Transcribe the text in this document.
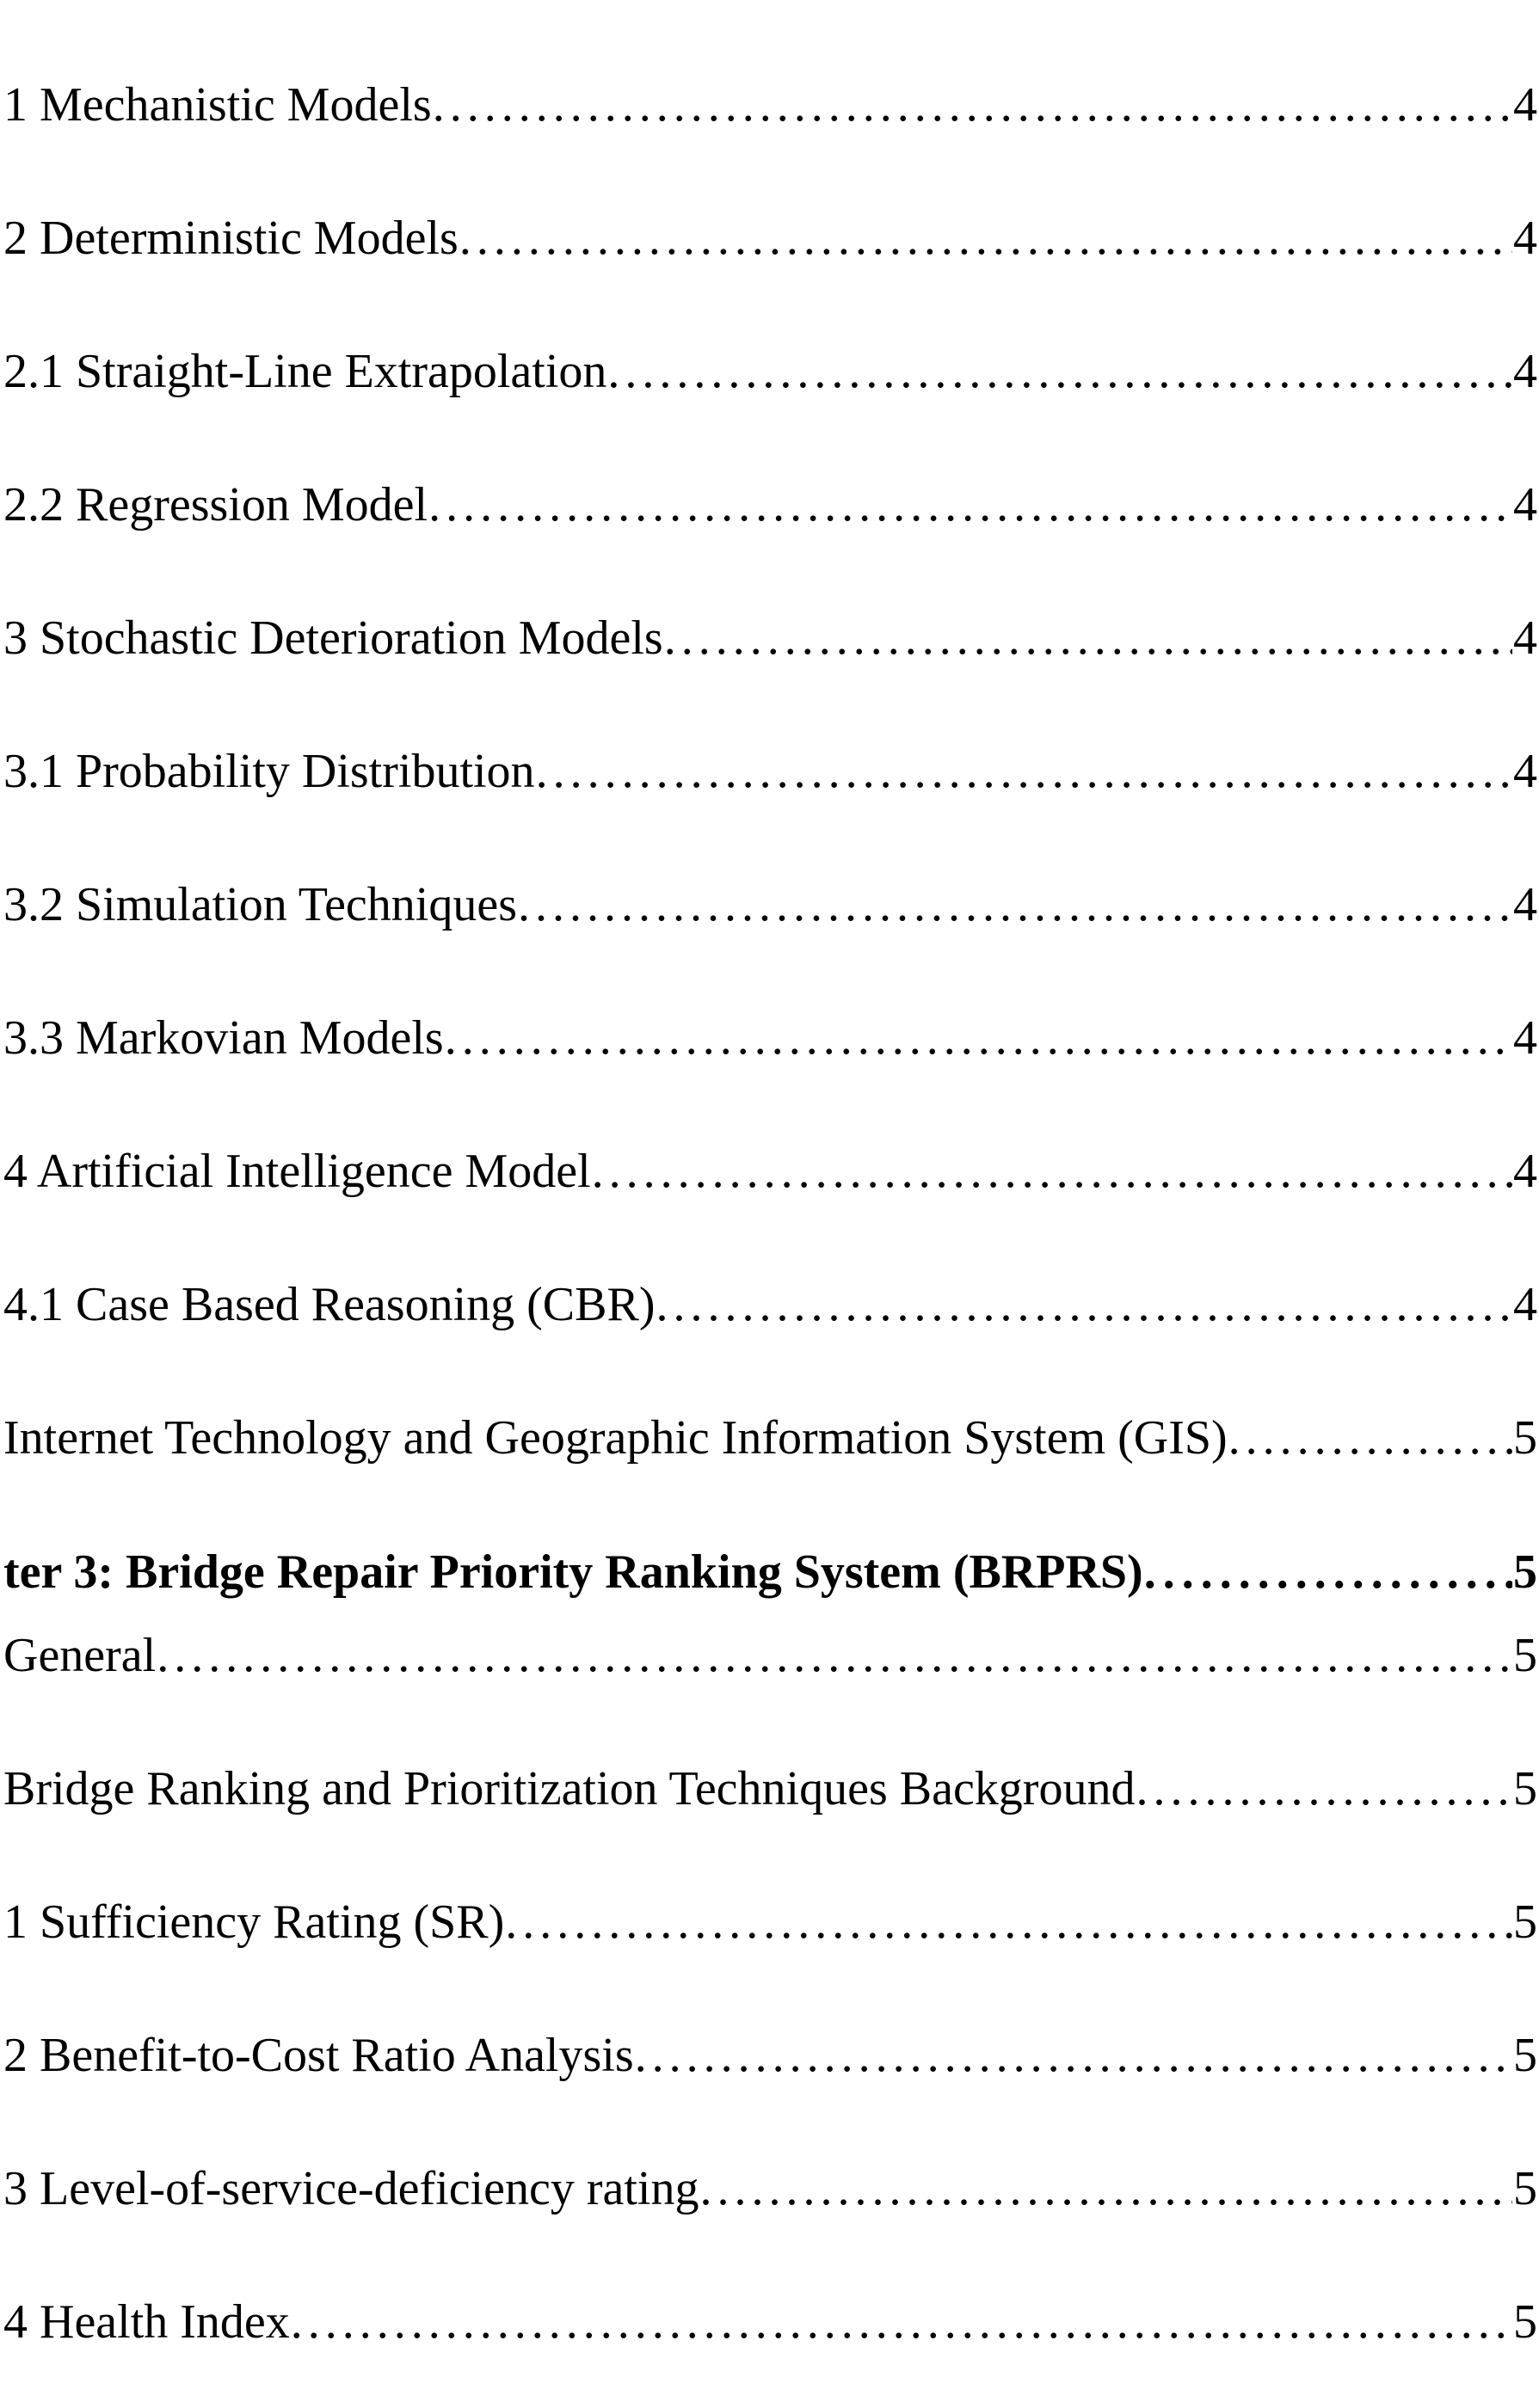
1 Mechanistic Models . . .	4
2 Deterministic Models . . .	4
2.1 Straight-Line Extrapolation . . .	4
2.2 Regression Model . . .	4
3 Stochastic Deterioration Models . . .	4
3.1 Probability Distribution . . .	4
3.2 Simulation Techniques . . .	4
3.3 Markovian Models . . .	4
4 Artificial Intelligence Model . . .	4
4.1 Case Based Reasoning (CBR) . . .	4
Internet Technology and Geographic Information System (GIS) . . .	5
ter 3: Bridge Repair Priority Ranking System (BRPRS) . . .	5
General . . .	5
Bridge Ranking and Prioritization Techniques Background . . .	5
1 Sufficiency Rating (SR) . . .	5
2 Benefit-to-Cost Ratio Analysis . . .	5
3 Level-of-service-deficiency rating . . .	5
4 Health Index . . .	5
